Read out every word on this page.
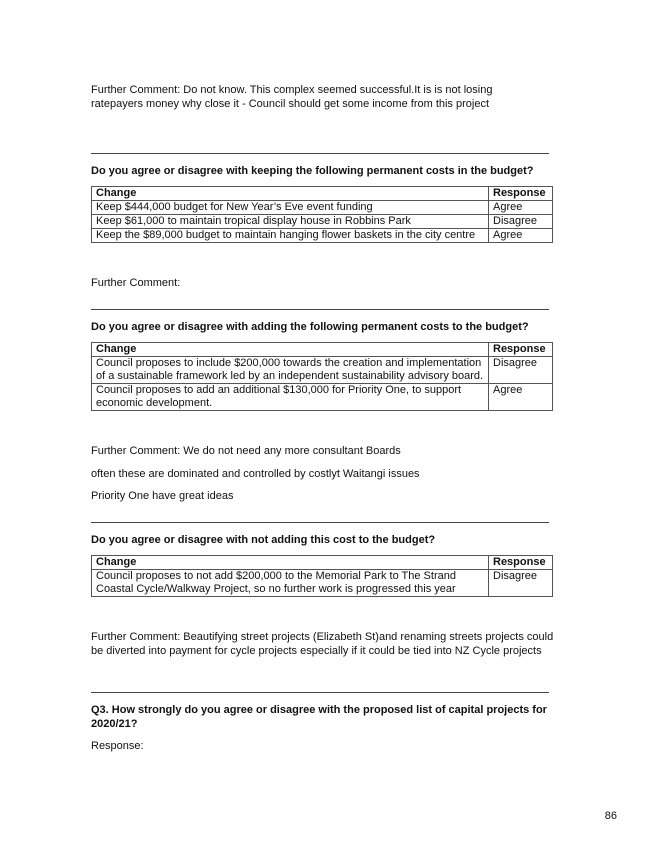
Further Comment: Do not know. This complex seemed successful.It is is not losing
ratepayers money why close it - Council should get some income from this project

Do you agree or disagree with keeping the following permanent costs in the budget?

Change	Response
Keep $444,000 budget for New Year’s Eve event funding	Agree
Keep $61,000 to maintain tropical display house in Robbins Park	Disagree
Keep the $89,000 budget to maintain hanging flower baskets in the city centre	Agree

Further Comment:

Do you agree or disagree with adding the following permanent costs to the budget?

Change	Response
Council proposes to include $200,000 towards the creation and implementation of a sustainable framework led by an independent sustainability advisory board.	Disagree
Council proposes to add an additional $130,000 for Priority One, to support economic development.	Agree

Further Comment: We do not need any more consultant Boards

often these are dominated and controlled by costlyt Waitangi issues

Priority One have great ideas

Do you agree or disagree with not adding this cost to the budget?

Change	Response
Council proposes to not add $200,000 to the Memorial Park to The Strand Coastal Cycle/Walkway Project, so no further work is progressed this year	Disagree

Further Comment: Beautifying street projects (Elizabeth St)and renaming streets projects could be diverted into payment for cycle projects especially if it could be tied into NZ Cycle projects

Q3. How strongly do you agree or disagree with the proposed list of capital projects for 2020/21?

Response:

86
